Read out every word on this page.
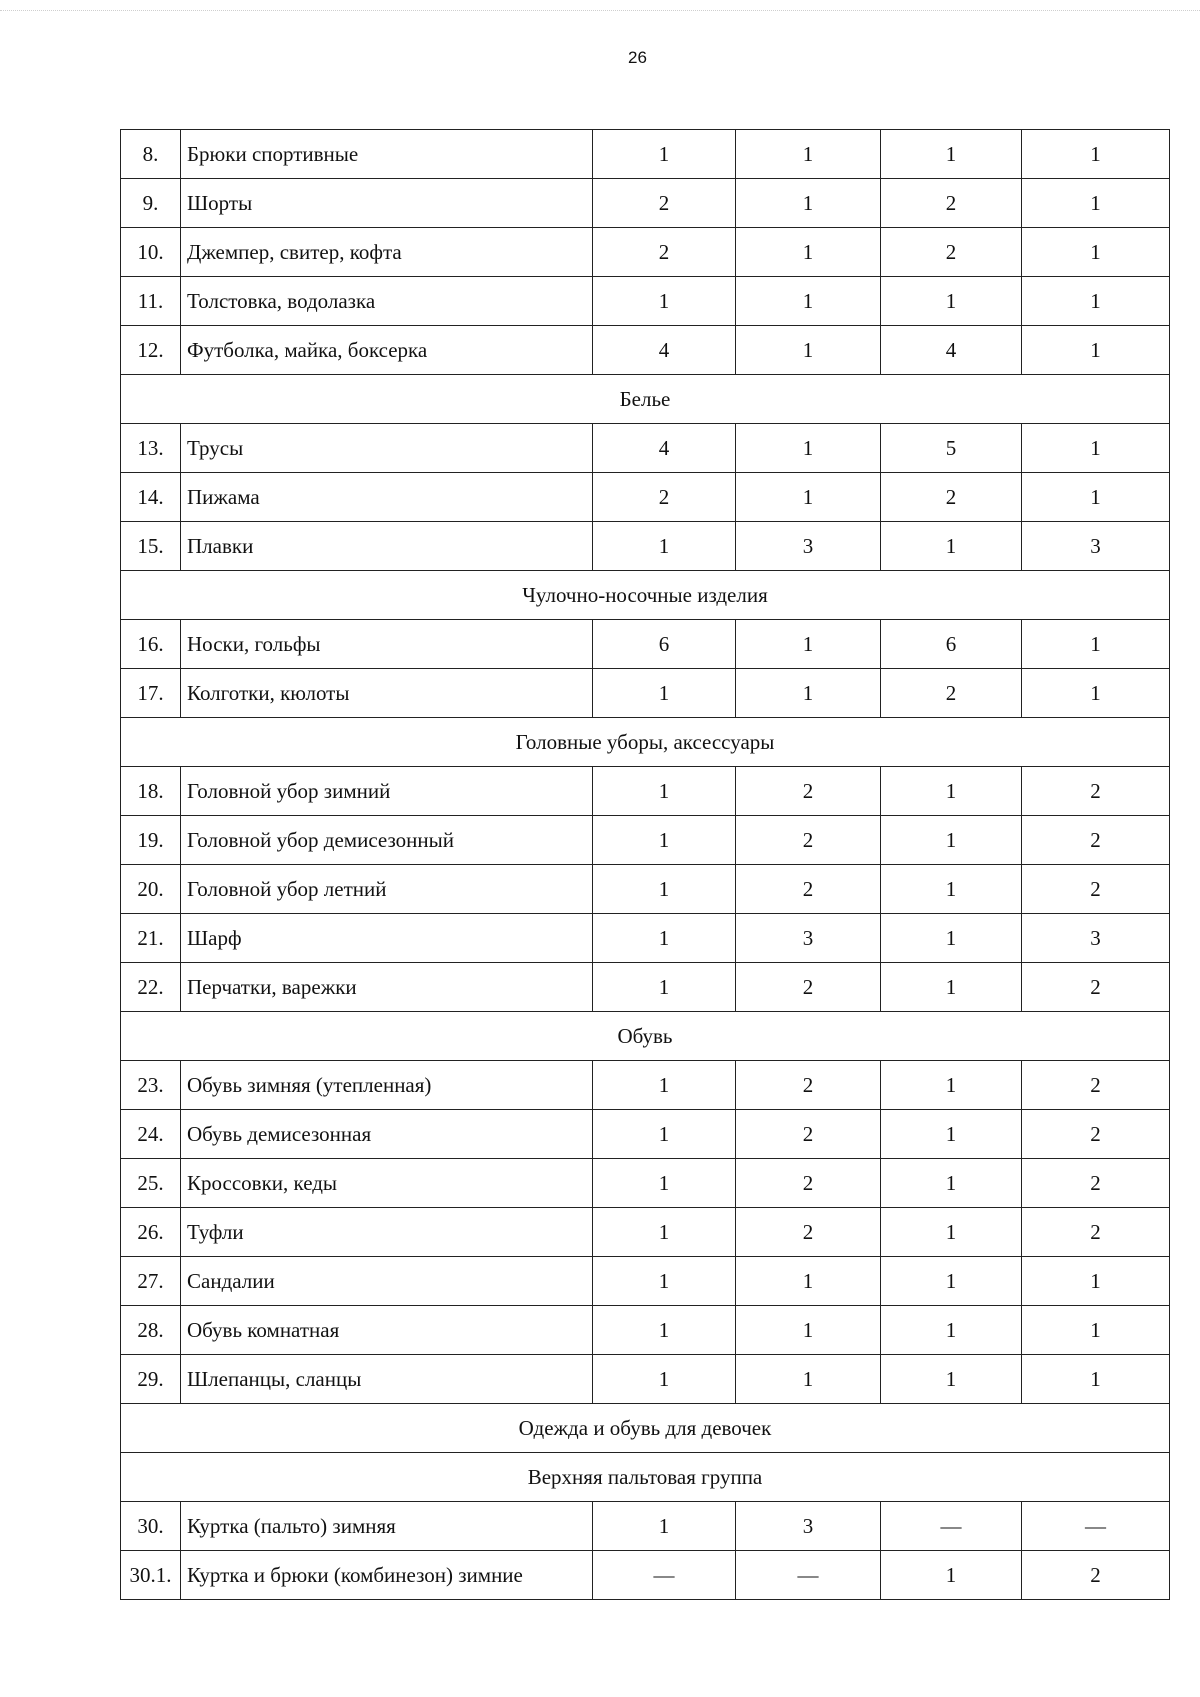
26
8.	Брюки спортивные	1	1	1	1
9.	Шорты	2	1	2	1
10.	Джемпер, свитер, кофта	2	1	2	1
11.	Толстовка, водолазка	1	1	1	1
12.	Футболка, майка, боксерка	4	1	4	1
Белье					
13.	Трусы	4	1	5	1
14.	Пижама	2	1	2	1
15.	Плавки	1	3	1	3
Чулочно-носочные изделия					
16.	Носки, гольфы	6	1	6	1
17.	Колготки, кюлоты	1	1	2	1
Головные уборы, аксессуары					
18.	Головной убор зимний	1	2	1	2
19.	Головной убор демисезонный	1	2	1	2
20.	Головной убор летний	1	2	1	2
21.	Шарф	1	3	1	3
22.	Перчатки, варежки	1	2	1	2
Обувь					
23.	Обувь зимняя (утепленная)	1	2	1	2
24.	Обувь демисезонная	1	2	1	2
25.	Кроссовки, кеды	1	2	1	2
26.	Туфли	1	2	1	2
27.	Сандалии	1	1	1	1
28.	Обувь комнатная	1	1	1	1
29.	Шлепанцы, сланцы	1	1	1	1
Одежда и обувь для девочек					
Верхняя пальтовая группа					
30.	Куртка (пальто) зимняя	1	3	—	—
30.1.	Куртка и брюки (комбинезон) зимние	—	—	1	2
